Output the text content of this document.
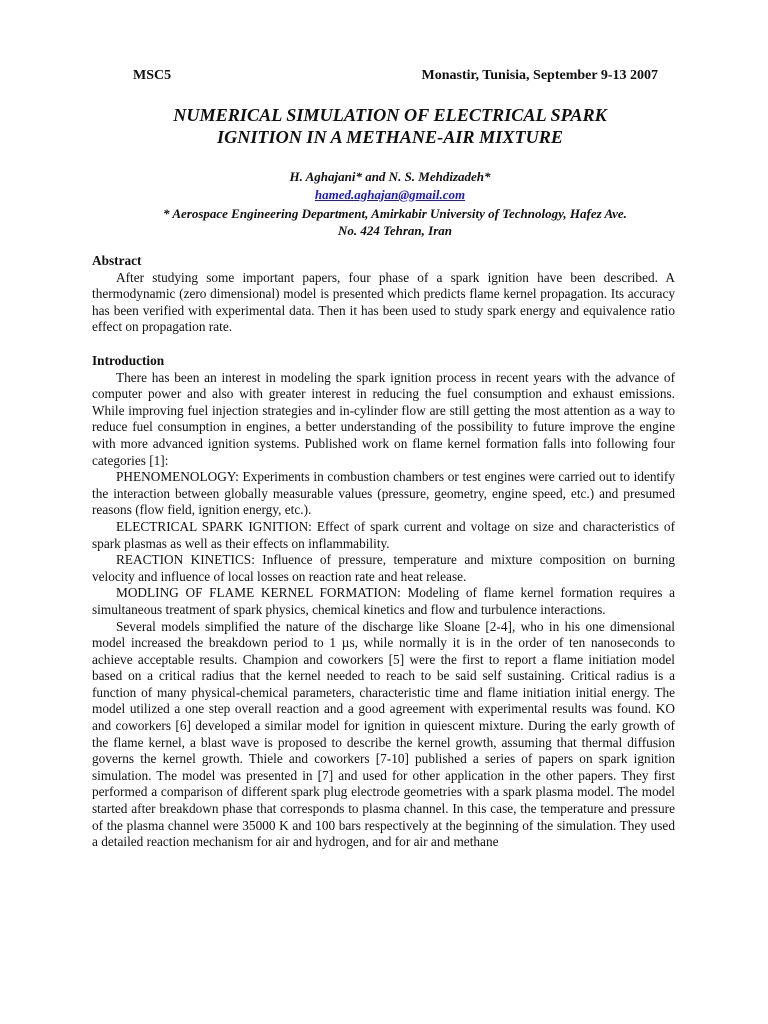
MSC5	Monastir, Tunisia, September 9-13 2007
NUMERICAL SIMULATION OF ELECTRICAL SPARK
IGNITION IN A METHANE-AIR MIXTURE
H. Aghajani* and N. S. Mehdizadeh*
hamed.aghajan@gmail.com
* Aerospace Engineering Department, Amirkabir University of Technology, Hafez Ave.
No. 424 Tehran, Iran

Abstract

After studying some important papers, four phase of a spark ignition have been described. A thermodynamic (zero dimensional) model is presented which predicts flame kernel propagation. Its accuracy has been verified with experimental data. Then it has been used to study spark energy and equivalence ratio effect on propagation rate.

Introduction

There has been an interest in modeling the spark ignition process in recent years with the advance of computer power and also with greater interest in reducing the fuel consumption and exhaust emissions. While improving fuel injection strategies and in-cylinder flow are still getting the most attention as a way to reduce fuel consumption in engines, a better understanding of the possibility to future improve the engine with more advanced ignition systems. Published work on flame kernel formation falls into following four categories [1]:

PHENOMENOLOGY: Experiments in combustion chambers or test engines were carried out to identify the interaction between globally measurable values (pressure, geometry, engine speed, etc.) and presumed reasons (flow field, ignition energy, etc.).

ELECTRICAL SPARK IGNITION: Effect of spark current and voltage on size and characteristics of spark plasmas as well as their effects on inflammability.

REACTION KINETICS: Influence of pressure, temperature and mixture composition on burning velocity and influence of local losses on reaction rate and heat release.

MODLING OF FLAME KERNEL FORMATION: Modeling of flame kernel formation requires a simultaneous treatment of spark physics, chemical kinetics and flow and turbulence interactions.

Several models simplified the nature of the discharge like Sloane [2-4], who in his one dimensional model increased the breakdown period to 1 µs, while normally it is in the order of ten nanoseconds to achieve acceptable results. Champion and coworkers [5] were the first to report a flame initiation model based on a critical radius that the kernel needed to reach to be said self sustaining. Critical radius is a function of many physical-chemical parameters, characteristic time and flame initiation initial energy. The model utilized a one step overall reaction and a good agreement with experimental results was found. KO and coworkers [6] developed a similar model for ignition in quiescent mixture. During the early growth of the flame kernel, a blast wave is proposed to describe the kernel growth, assuming that thermal diffusion governs the kernel growth. Thiele and coworkers [7-10] published a series of papers on spark ignition simulation. The model was presented in [7] and used for other application in the other papers. They first performed a comparison of different spark plug electrode geometries with a spark plasma model. The model started after breakdown phase that corresponds to plasma channel. In this case, the temperature and pressure of the plasma channel were 35000 K and 100 bars respectively at the beginning of the simulation. They used a detailed reaction mechanism for air and hydrogen, and for air and methane
